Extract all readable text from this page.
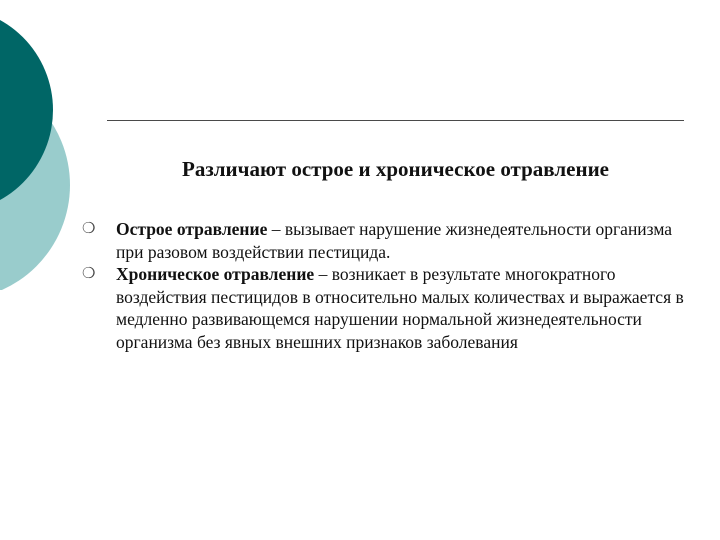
Различают острое и хроническое отравление
❍ Острое отравление – вызывает нарушение жизнедеятельности организма при разовом воздействии пестицида.
❍ Хроническое отравление – возникает в результате многократного воздействия пестицидов в относительно малых количествах и выражается в медленно развивающемся нарушении нормальной жизнедеятельности организма без явных внешних признаков заболевания
